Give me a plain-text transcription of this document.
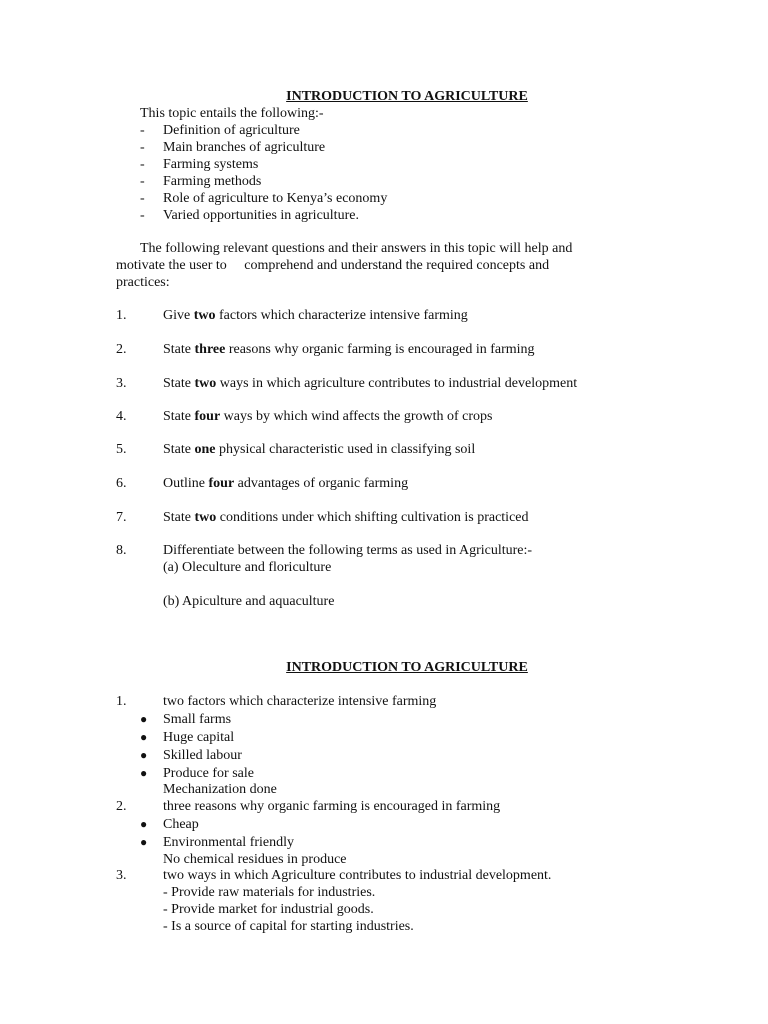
INTRODUCTION TO AGRICULTURE
This topic entails the following:-
- Definition of agriculture
- Main branches of agriculture
- Farming systems
- Farming methods
- Role of agriculture to Kenya’s economy
- Varied opportunities in agriculture.
The following relevant questions and their answers in this topic will help and
motivate the user to     comprehend and understand the required concepts and
practices:
1.	Give two factors which characterize intensive farming
2.	State three reasons why organic farming is encouraged in farming
3.	State two ways in which agriculture contributes to industrial development
4.	State four ways by which wind affects the growth of crops
5.	State one physical characteristic used in classifying soil
6.	Outline four advantages of organic farming
7.	State two conditions under which shifting cultivation is practiced
8.	Differentiate between the following terms as used in Agriculture:-
(a) Oleculture and floriculture
(b) Apiculture and aquaculture
INTRODUCTION TO AGRICULTURE
1.	two factors which characterize intensive farming
● Small farms
● Huge capital
● Skilled labour
● Produce for sale
Mechanization done
2.	three reasons why organic farming is encouraged in farming
● Cheap
● Environmental friendly
No chemical residues in produce
3.	two ways in which Agriculture contributes to industrial development.
- Provide raw materials for industries.
- Provide market for industrial goods.
- Is a source of capital for starting industries.
